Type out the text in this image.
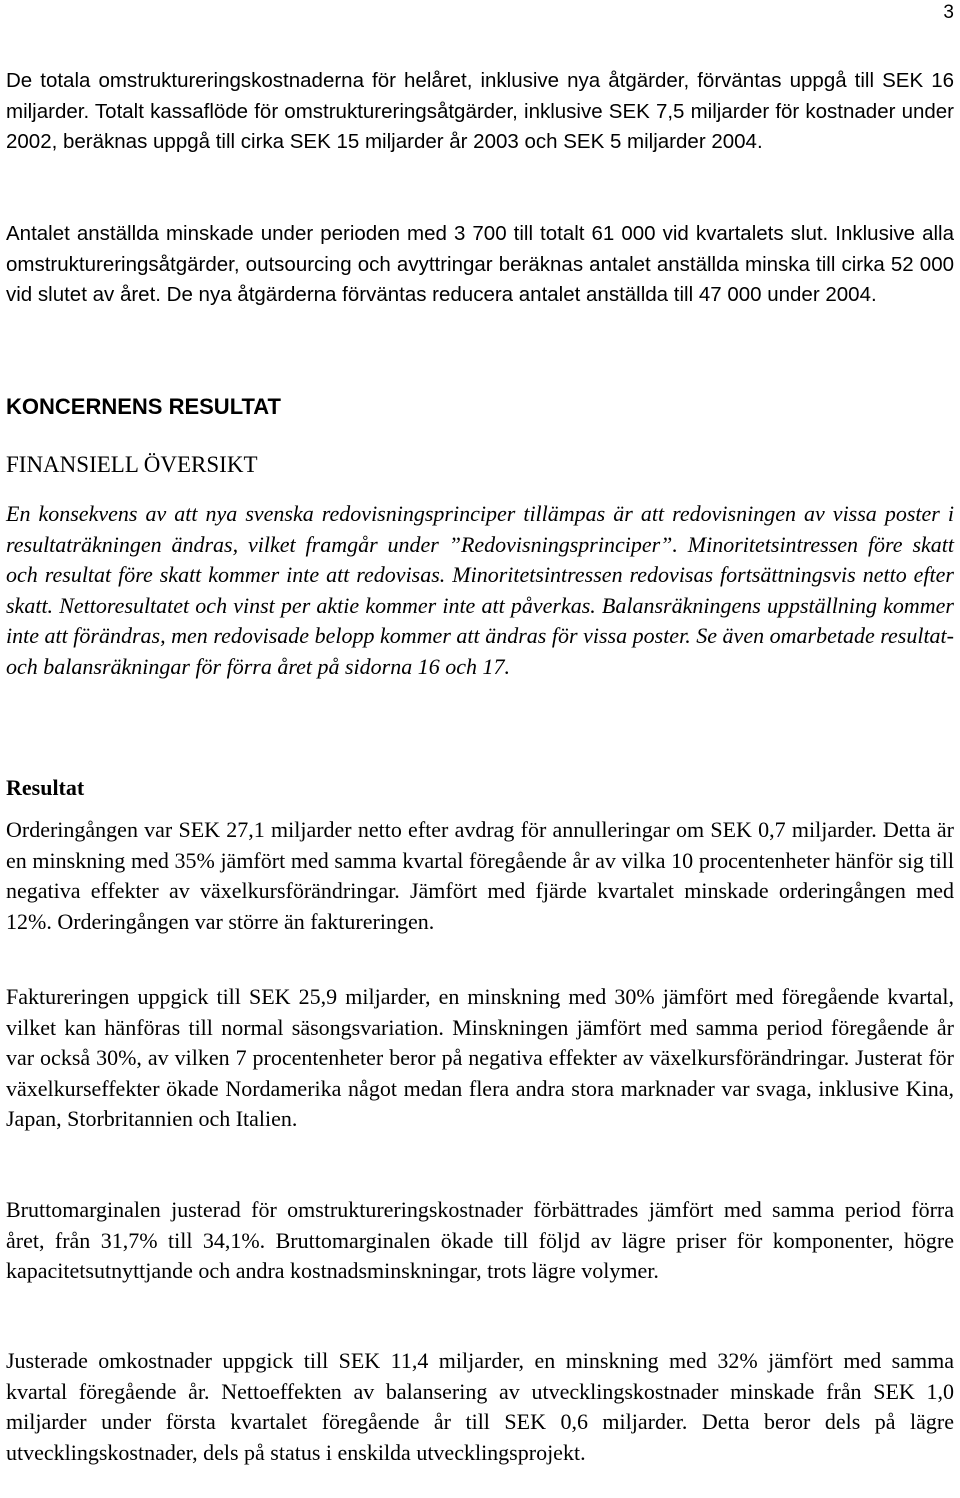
3

De totala omstruktureringskostnaderna för helåret, inklusive nya åtgärder, förväntas uppgå till SEK 16 miljarder. Totalt kassaflöde för omstruktureringsåtgärder, inklusive SEK 7,5 miljarder för kostnader under 2002, beräknas uppgå till cirka SEK 15 miljarder år 2003 och SEK 5 miljarder 2004.

Antalet anställda minskade under perioden med 3 700 till totalt 61 000 vid kvartalets slut. Inklusive alla omstruktureringsåtgärder, outsourcing och avyttringar beräknas antalet anställda minska till cirka 52 000 vid slutet av året. De nya åtgärderna förväntas reducera antalet anställda till 47 000 under 2004.

KONCERNENS RESULTAT
FINANSIELL ÖVERSIKT

En konsekvens av att nya svenska redovisningsprinciper tillämpas är att redovisningen av vissa poster i resultaträkningen ändras, vilket framgår under ”Redovisningsprinciper”. Minoritetsintressen före skatt och resultat före skatt kommer inte att redovisas. Minoritetsintressen redovisas fortsättningsvis netto efter skatt. Nettoresultatet och vinst per aktie kommer inte att påverkas. Balansräkningens uppställning kommer inte att förändras, men redovisade belopp kommer att ändras för vissa poster. Se även omarbetade resultat- och balansräkningar för förra året på sidorna 16 och 17.

Resultat

Orderingången var SEK 27,1 miljarder netto efter avdrag för annulleringar om SEK 0,7 miljarder. Detta är en minskning med 35% jämfört med samma kvartal föregående år av vilka 10 procentenheter hänför sig till negativa effekter av växelkursförändringar. Jämfört med fjärde kvartalet minskade orderingången med 12%. Orderingången var större än faktureringen.

Faktureringen uppgick till SEK 25,9 miljarder, en minskning med 30% jämfört med föregående kvartal, vilket kan hänföras till normal säsongsvariation. Minskningen jämfört med samma period föregående år var också 30%, av vilken 7 procentenheter beror på negativa effekter av växelkursförändringar. Justerat för växelkurseffekter ökade Nordamerika något medan flera andra stora marknader var svaga, inklusive Kina, Japan, Storbritannien och Italien.

Bruttomarginalen justerad för omstruktureringskostnader förbättrades jämfört med samma period förra året, från 31,7% till 34,1%. Bruttomarginalen ökade till följd av lägre priser för komponenter, högre kapacitetsutnyttjande och andra kostnadsminskningar, trots lägre volymer.

Justerade omkostnader uppgick till SEK 11,4 miljarder, en minskning med 32% jämfört med samma kvartal föregående år. Nettoeffekten av balansering av utvecklingskostnader minskade från SEK 1,0 miljarder under första kvartalet föregående år till SEK 0,6 miljarder. Detta beror dels på lägre utvecklingskostnader, dels på status i enskilda utvecklingsprojekt.
